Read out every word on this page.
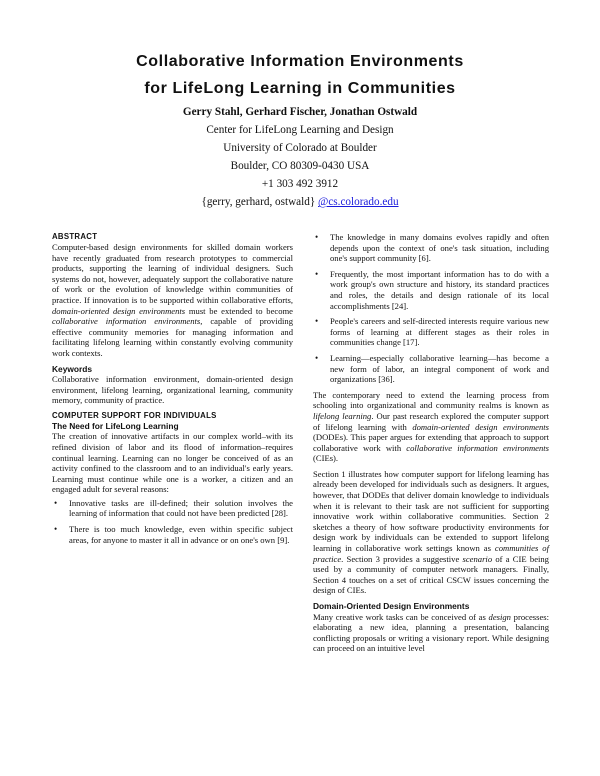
Collaborative Information Environments
for LifeLong Learning in Communities
Gerry Stahl, Gerhard Fischer, Jonathan Ostwald
Center for LifeLong Learning and Design
University of Colorado at Boulder
Boulder, CO 80309-0430 USA
+1 303 492 3912
{gerry, gerhard, ostwald} @cs.colorado.edu
ABSTRACT

Computer-based design environments for skilled domain workers have recently graduated from research prototypes to commercial products, supporting the learning of individual designers. Such systems do not, however, adequately support the collaborative nature of work or the evolution of knowledge within communities of practice. If innovation is to be supported within collaborative efforts, domain-oriented design environments must be extended to become collaborative information environments, capable of providing effective community memories for managing information and facilitating lifelong learning within constantly evolving community work contexts.

Keywords

Collaborative information environment, domain-oriented design environment, lifelong learning, organizational learning, community memory, community of practice.

COMPUTER SUPPORT FOR INDIVIDUALS
The Need for LifeLong Learning

The creation of innovative artifacts in our complex world–with its refined division of labor and its flood of information–requires continual learning. Learning can no longer be conceived of as an activity confined to the classroom and to an individual's early years. Learning must continue while one is a worker, a citizen and an engaged adult for several reasons:

• Innovative tasks are ill-defined; their solution involves the learning of information that could not have been predicted [28].
• There is too much knowledge, even within specific subject areas, for anyone to master it all in advance or on one's own [9].
• The knowledge in many domains evolves rapidly and often depends upon the context of one's task situation, including one's support community [6].
• Frequently, the most important information has to do with a work group's own structure and history, its standard practices and roles, the details and design rationale of its local accomplishments [24].
• People's careers and self-directed interests require various new forms of learning at different stages as their roles in communities change [17].
• Learning—especially collaborative learning—has become a new form of labor, an integral component of work and organizations [36].

The contemporary need to extend the learning process from schooling into organizational and community realms is known as lifelong learning. Our past research explored the computer support of lifelong learning with domain-oriented design environments (DODEs). This paper argues for extending that approach to support collaborative work with collaborative information environments (CIEs).

Section 1 illustrates how computer support for lifelong learning has already been developed for individuals such as designers. It argues, however, that DODEs that deliver domain knowledge to individuals when it is relevant to their task are not sufficient for supporting innovative work within collaborative communities. Section 2 sketches a theory of how software productivity environments for design work by individuals can be extended to support lifelong learning in collaborative work settings known as communities of practice. Section 3 provides a suggestive scenario of a CIE being used by a community of computer network managers. Finally, Section 4 touches on a set of critical CSCW issues concerning the design of CIEs.

Domain-Oriented Design Environments

Many creative work tasks can be conceived of as design processes: elaborating a new idea, planning a presentation, balancing conflicting proposals or writing a visionary report. While designing can proceed on an intuitive level
